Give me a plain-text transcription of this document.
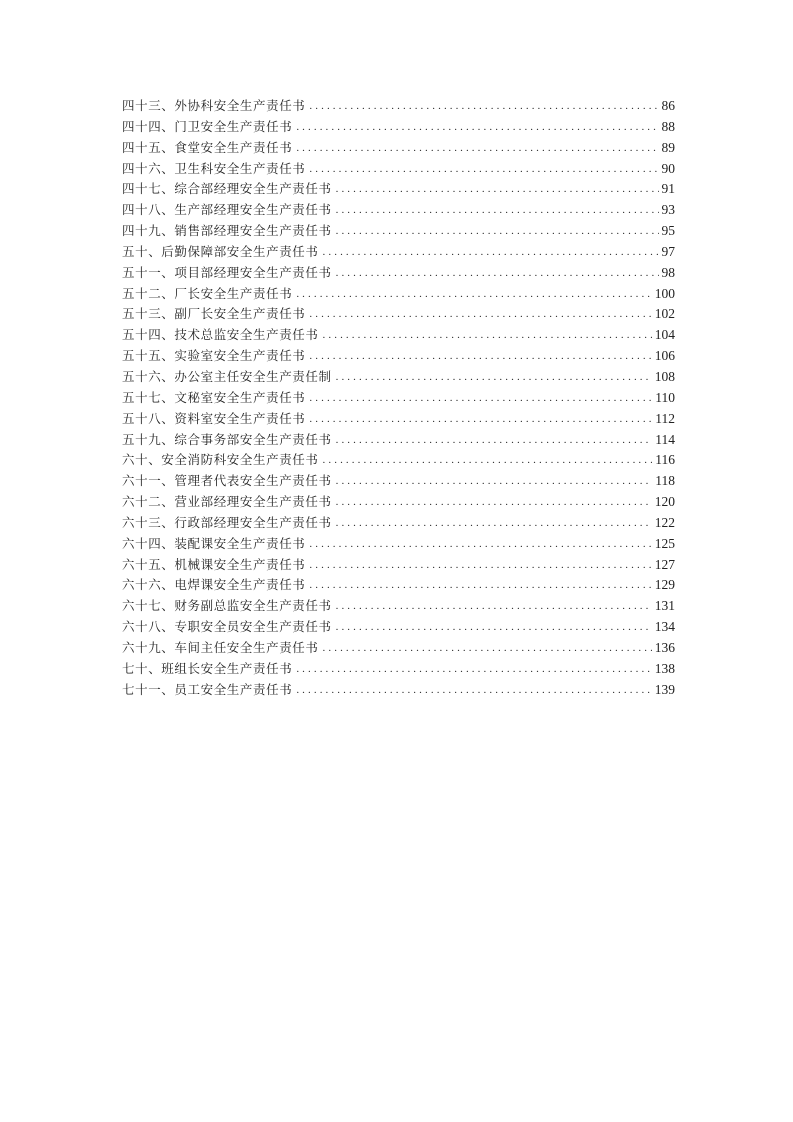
四十三、外协科安全生产责任书 .....	86
四十四、门卫安全生产责任书 .....	88
四十五、食堂安全生产责任书 .....	89
四十六、卫生科安全生产责任书 .....	90
四十七、综合部经理安全生产责任书 .....	91
四十八、生产部经理安全生产责任书 .....	93
四十九、销售部经理安全生产责任书 .....	95
五十、后勤保障部安全生产责任书 .....	97
五十一、项目部经理安全生产责任书 .....	98
五十二、厂长安全生产责任书 .....	100
五十三、副厂长安全生产责任书 .....	102
五十四、技术总监安全生产责任书 .....	104
五十五、实验室安全生产责任书 .....	106
五十六、办公室主任安全生产责任制 .....	108
五十七、文秘室安全生产责任书 .....	110
五十八、资料室安全生产责任书 .....	112
五十九、综合事务部安全生产责任书 .....	114
六十、安全消防科安全生产责任书 .....	116
六十一、管理者代表安全生产责任书 .....	118
六十二、营业部经理安全生产责任书 .....	120
六十三、行政部经理安全生产责任书 .....	122
六十四、装配课安全生产责任书 .....	125
六十五、机械课安全生产责任书 .....	127
六十六、电焊课安全生产责任书 .....	129
六十七、财务副总监安全生产责任书 .....	131
六十八、专职安全员安全生产责任书 .....	134
六十九、车间主任安全生产责任书 .....	136
七十、班组长安全生产责任书 .....	138
七十一、员工安全生产责任书 .....	139
